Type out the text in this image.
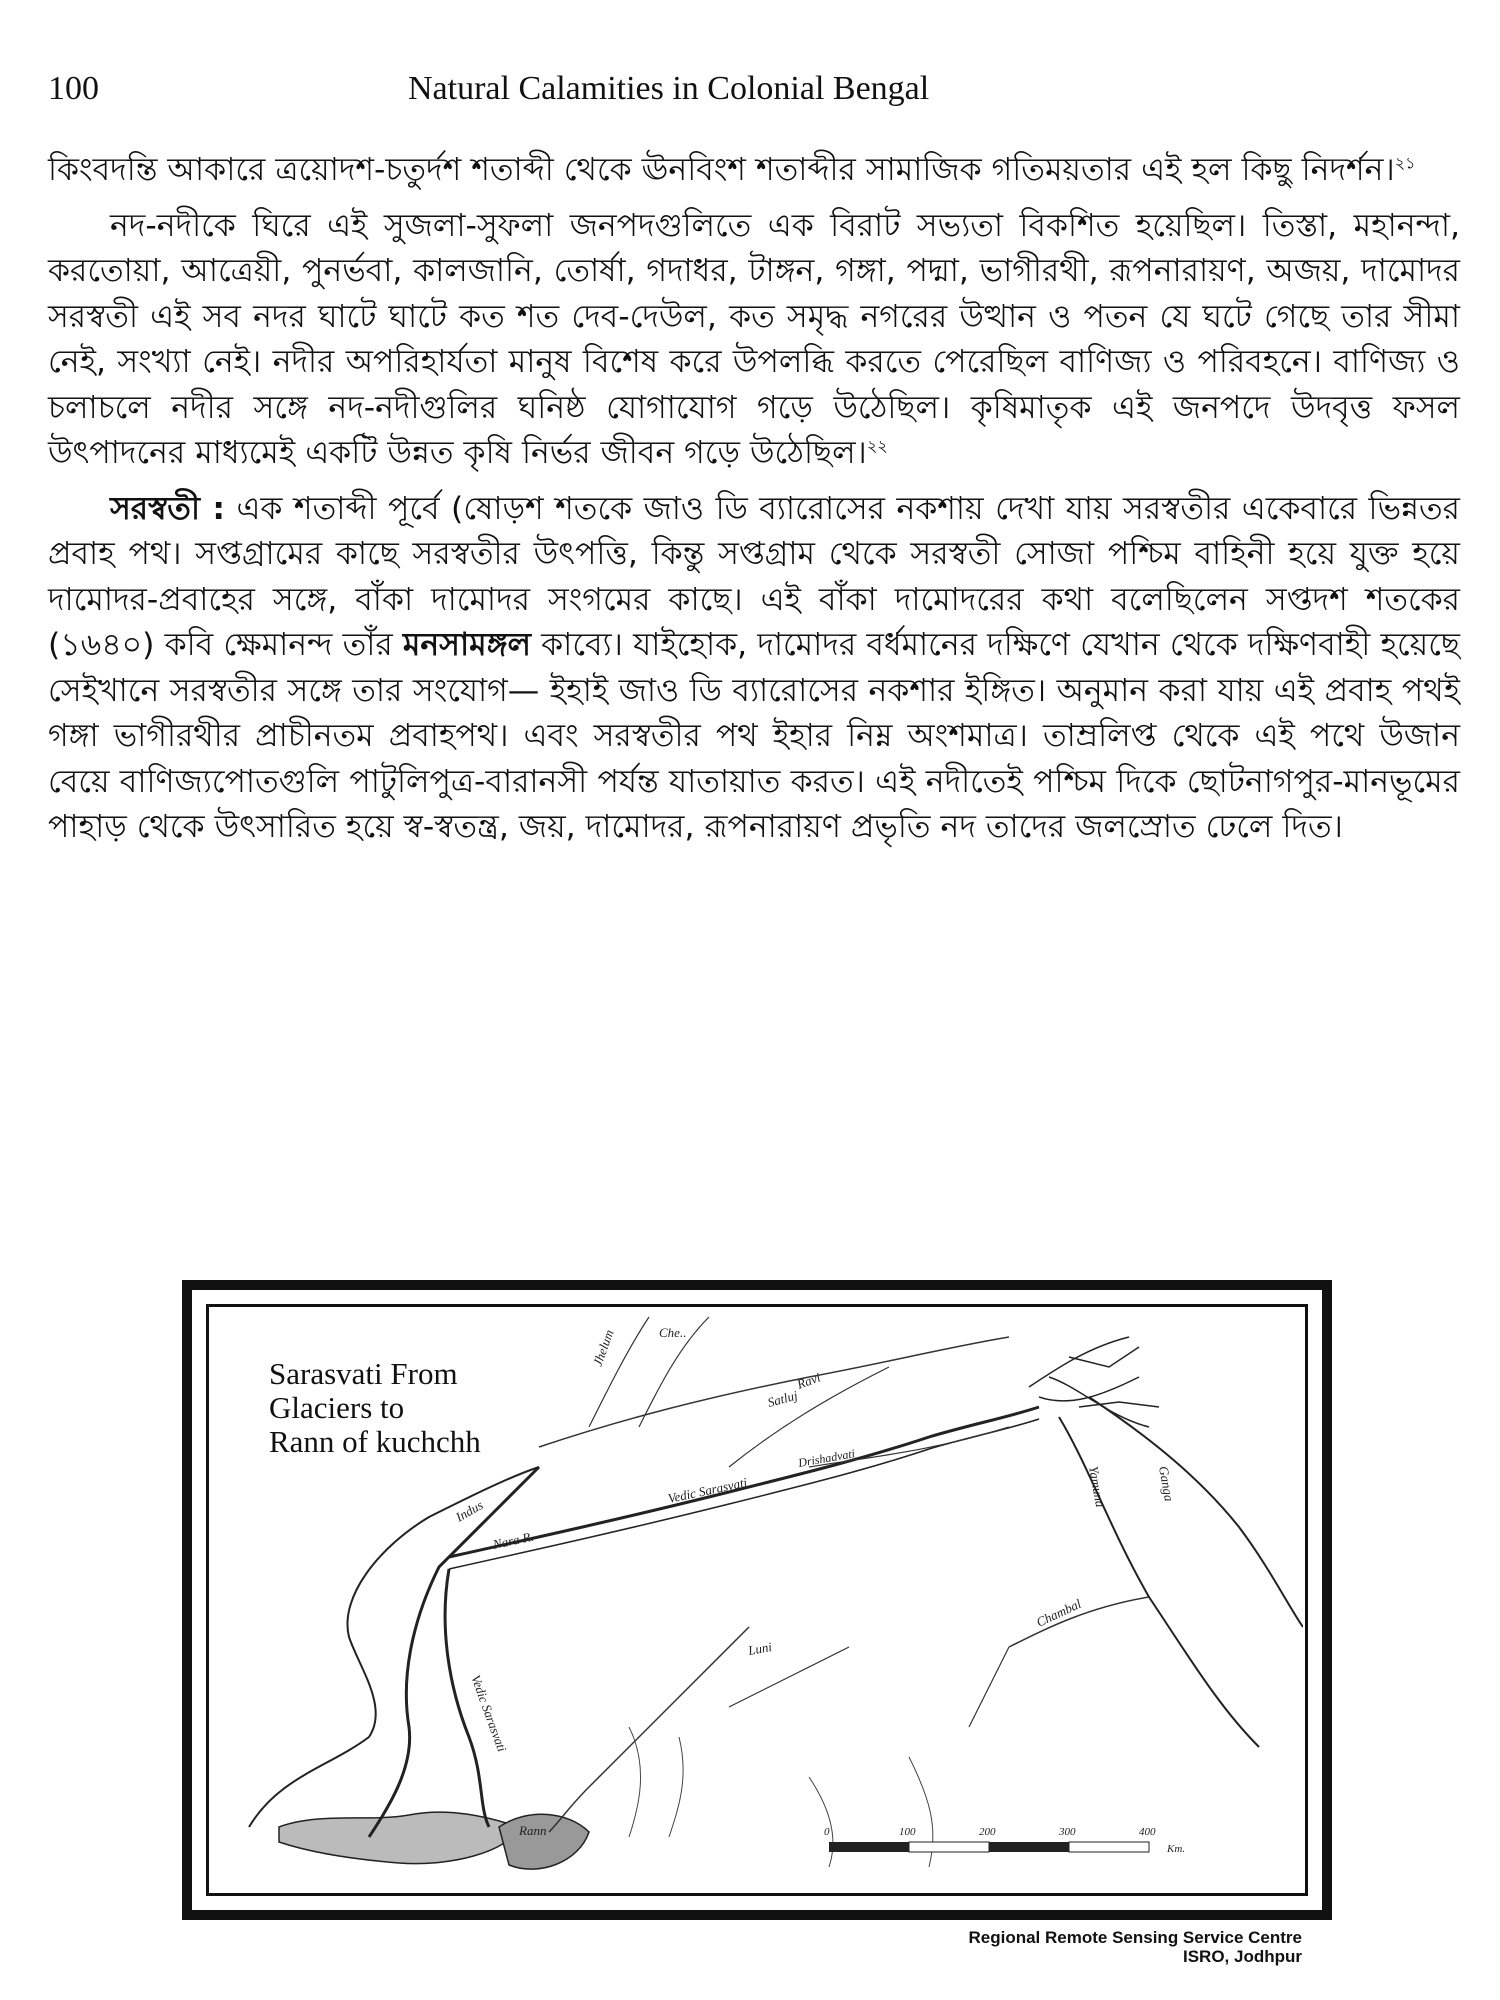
100	Natural Calamities in Colonial Bengal

কিংবদন্তি আকারে ত্রয়োদশ-চতুর্দশ শতাব্দী থেকে ঊনবিংশ শতাব্দীর সামাজিক গতিময়তার এই হল কিছু নিদর্শন।$^{২১}$

নদ-নদীকে ঘিরে এই সুজলা-সুফলা জনপদগুলিতে এক বিরাট সভ্যতা বিকশিত হয়েছিল। তিস্তা, মহানন্দা, করতোয়া, আত্রেয়ী, পুনর্ভবা, কালজানি, তোর্ষা, গদাধর, টাঙ্গন, গঙ্গা, পদ্মা, ভাগীরথী, রূপনারায়ণ, অজয়, দামোদর সরস্বতী এই সব নদর ঘাটে ঘাটে কত শত দেব-দেউল, কত সমৃদ্ধ নগরের উত্থান ও পতন যে ঘটে গেছে তার সীমা নেই, সংখ্যা নেই। নদীর অপরিহার্যতা মানুষ বিশেষ করে উপলব্ধি করতে পেরেছিল বাণিজ্য ও পরিবহনে। বাণিজ্য ও চলাচলে নদীর সঙ্গে নদ-নদীগুলির ঘনিষ্ঠ যোগাযোগ গড়ে উঠেছিল। কৃষিমাতৃক এই জনপদে উদবৃত্ত ফসল উৎপাদনের মাধ্যমেই একটি উন্নত কৃষি নির্ভর জীবন গড়ে উঠেছিল।$^{২২}$

সরস্বতী : এক শতাব্দী পূর্বে (ষোড়শ শতকে জাও ডি ব্যারোসের নকশায় দেখা যায় সরস্বতীর একেবারে ভিন্নতর প্রবাহ পথ। সপ্তগ্রামের কাছে সরস্বতীর উৎপত্তি, কিন্তু সপ্তগ্রাম থেকে সরস্বতী সোজা পশ্চিম বাহিনী হয়ে যুক্ত হয়ে দামোদর-প্রবাহের সঙ্গে, বাঁকা দামোদর সংগমের কাছে। এই বাঁকা দামোদরের কথা বলেছিলেন সপ্তদশ শতকের (১৬৪০) কবি ক্ষেমানন্দ তাঁর মনসামঙ্গল কাব্যে। যাইহোক, দামোদর বর্ধমানের দক্ষিণে যেখান থেকে দক্ষিণবাহী হয়েছে সেইখানে সরস্বতীর সঙ্গে তার সংযোগ— ইহাই জাও ডি ব্যারোসের নকশার ইঙ্গিত। অনুমান করা যায় এই প্রবাহ পথই গঙ্গা ভাগীরথীর প্রাচীনতম প্রবাহপথ। এবং সরস্বতীর পথ ইহার নিম্ন অংশমাত্র। তাম্রলিপ্ত থেকে এই পথে উজান বেয়ে বাণিজ্যপোতগুলি পাটুলিপুত্র-বারানসী পর্যন্ত যাতায়াত করত। এই নদীতেই পশ্চিম দিকে ছোটনাগপুর-মানভূমের পাহাড় থেকে উৎসারিত হয়ে স্ব-স্বতন্ত্র, জয়, দামোদর, রূপনারায়ণ প্রভৃতি নদ তাদের জলস্রোত ঢেলে দিত।

Sarasvati From
Glaciers to
Rann of kuchchh
0	100	200	300	400
Km.
Jhelum	Che..
Ravi
Satluj
Indus
Nara R.
Vedic Sarasvati
Drishadvati
Vedic Sarasvati
Yamuna	Ganga
Luni
Chambal
Rann
Regional Remote Sensing Service Centre
ISRO, Jodhpur
